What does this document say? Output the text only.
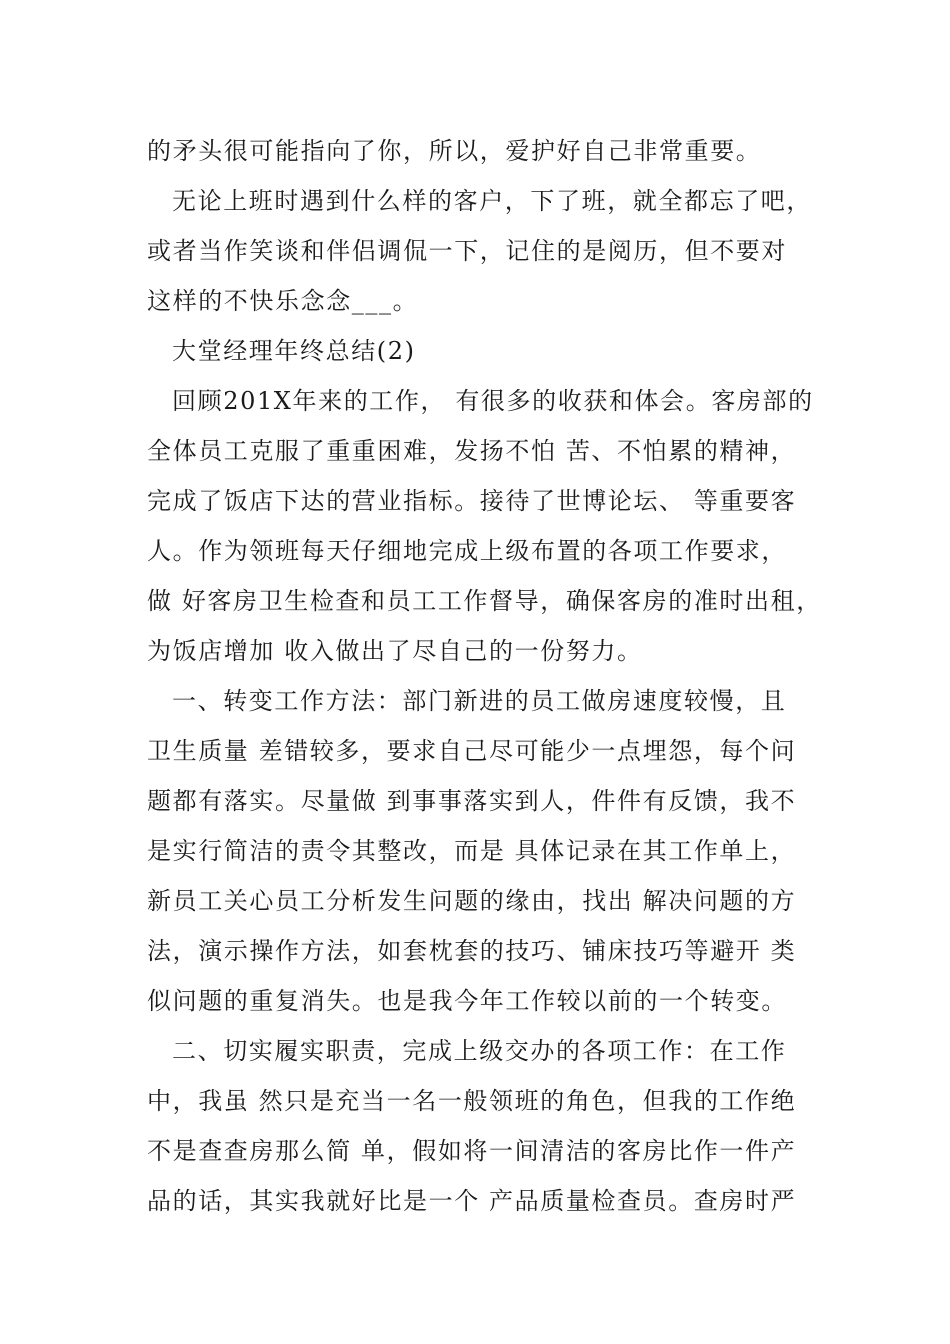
的矛头很可能指向了你，所以，爱护好自己非常重要。
无论上班时遇到什么样的客户，下了班，就全都忘了吧，
或者当作笑谈和伴侣调侃一下，记住的是阅历，但不要对
这样的不快乐念念___。
大堂经理年终总结(2)
回顾201X年来的工作， 有很多的收获和体会。客房部的
全体员工克服了重重困难，发扬不怕 苦、不怕累的精神，
完成了饭店下达的营业指标。接待了世博论坛、 等重要客
人。作为领班每天仔细地完成上级布置的各项工作要求，
做 好客房卫生检查和员工工作督导，确保客房的准时出租，
为饭店增加 收入做出了尽自己的一份努力。
一、转变工作方法：部门新进的员工做房速度较慢，且
卫生质量 差错较多，要求自己尽可能少一点埋怨，每个问
题都有落实。尽量做 到事事落实到人，件件有反馈，我不
是实行简洁的责令其整改，而是 具体记录在其工作单上，
新员工关心员工分析发生问题的缘由，找出 解决问题的方
法，演示操作方法，如套枕套的技巧、铺床技巧等避开 类
似问题的重复消失。也是我今年工作较以前的一个转变。
二、切实履实职责，完成上级交办的各项工作：在工作
中，我虽 然只是充当一名一般领班的角色，但我的工作绝
不是查查房那么简 单，假如将一间清洁的客房比作一件产
品的话，其实我就好比是一个 产品质量检查员。查房时严
